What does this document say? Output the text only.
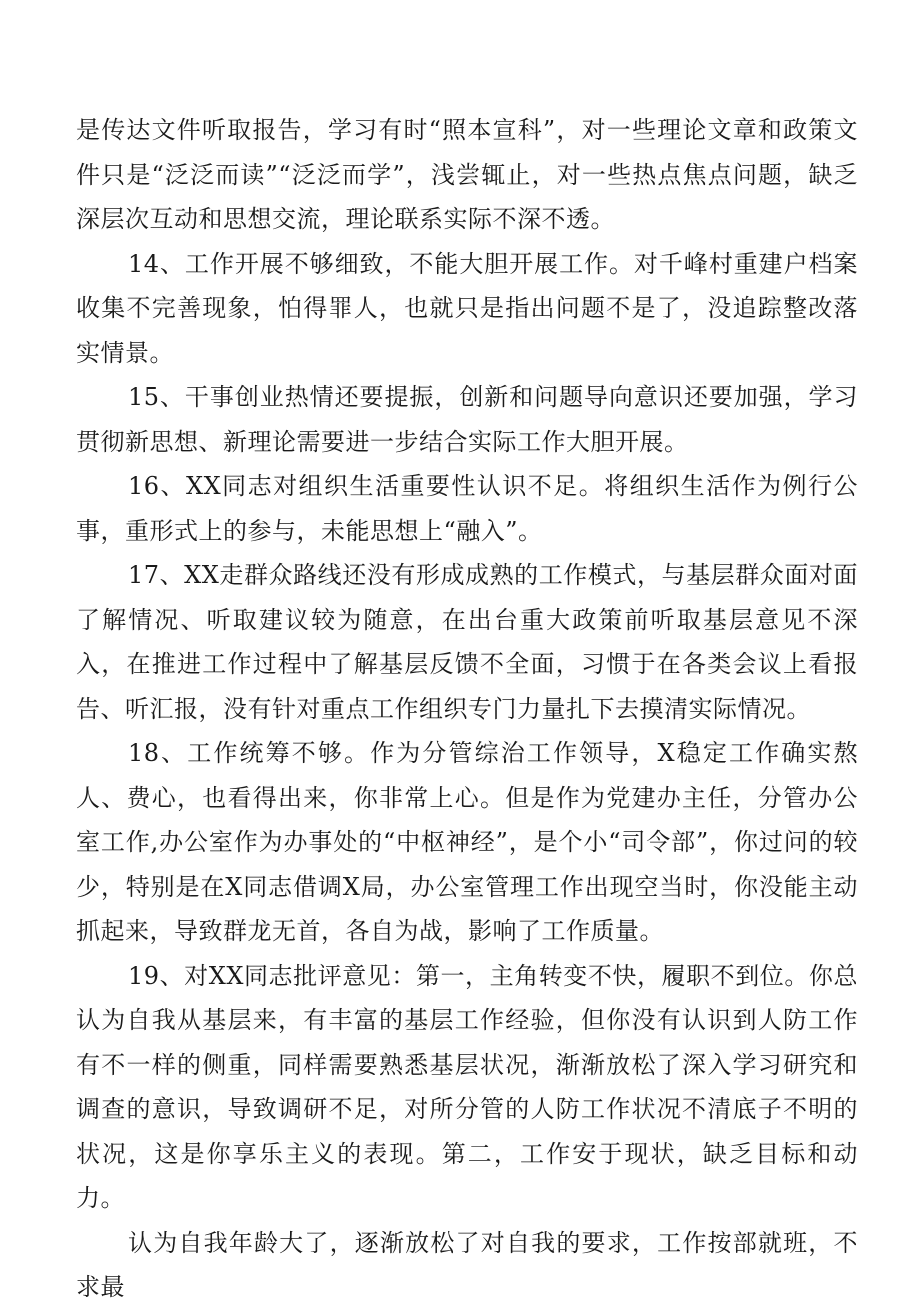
是传达文件听取报告，学习有时“照本宣科”，对一些理论文章和政策文件只是“泛泛而读”“泛泛而学”，浅尝辄止，对一些热点焦点问题，缺乏深层次互动和思想交流，理论联系实际不深不透。

14、工作开展不够细致，不能大胆开展工作。对千峰村重建户档案收集不完善现象，怕得罪人，也就只是指出问题不是了，没追踪整改落实情景。

15、干事创业热情还要提振，创新和问题导向意识还要加强，学习贯彻新思想、新理论需要进一步结合实际工作大胆开展。

16、XX同志对组织生活重要性认识不足。将组织生活作为例行公事，重形式上的参与，未能思想上“融入”。

17、XX走群众路线还没有形成成熟的工作模式，与基层群众面对面了解情况、听取建议较为随意，在出台重大政策前听取基层意见不深入，在推进工作过程中了解基层反馈不全面，习惯于在各类会议上看报告、听汇报，没有针对重点工作组织专门力量扎下去摸清实际情况。

18、工作统筹不够。作为分管综治工作领导，X稳定工作确实熬人、费心，也看得出来，你非常上心。但是作为党建办主任，分管办公室工作,办公室作为办事处的“中枢神经”，是个小“司令部”，你过问的较少，特别是在X同志借调X局，办公室管理工作出现空当时，你没能主动抓起来，导致群龙无首，各自为战，影响了工作质量。

19、对XX同志批评意见：第一，主角转变不快，履职不到位。你总认为自我从基层来，有丰富的基层工作经验，但你没有认识到人防工作有不一样的侧重，同样需要熟悉基层状况，渐渐放松了深入学习研究和调查的意识，导致调研不足，对所分管的人防工作状况不清底子不明的状况，这是你享乐主义的表现。第二，工作安于现状，缺乏目标和动力。

认为自我年龄大了，逐渐放松了对自我的要求，工作按部就班，不求最
